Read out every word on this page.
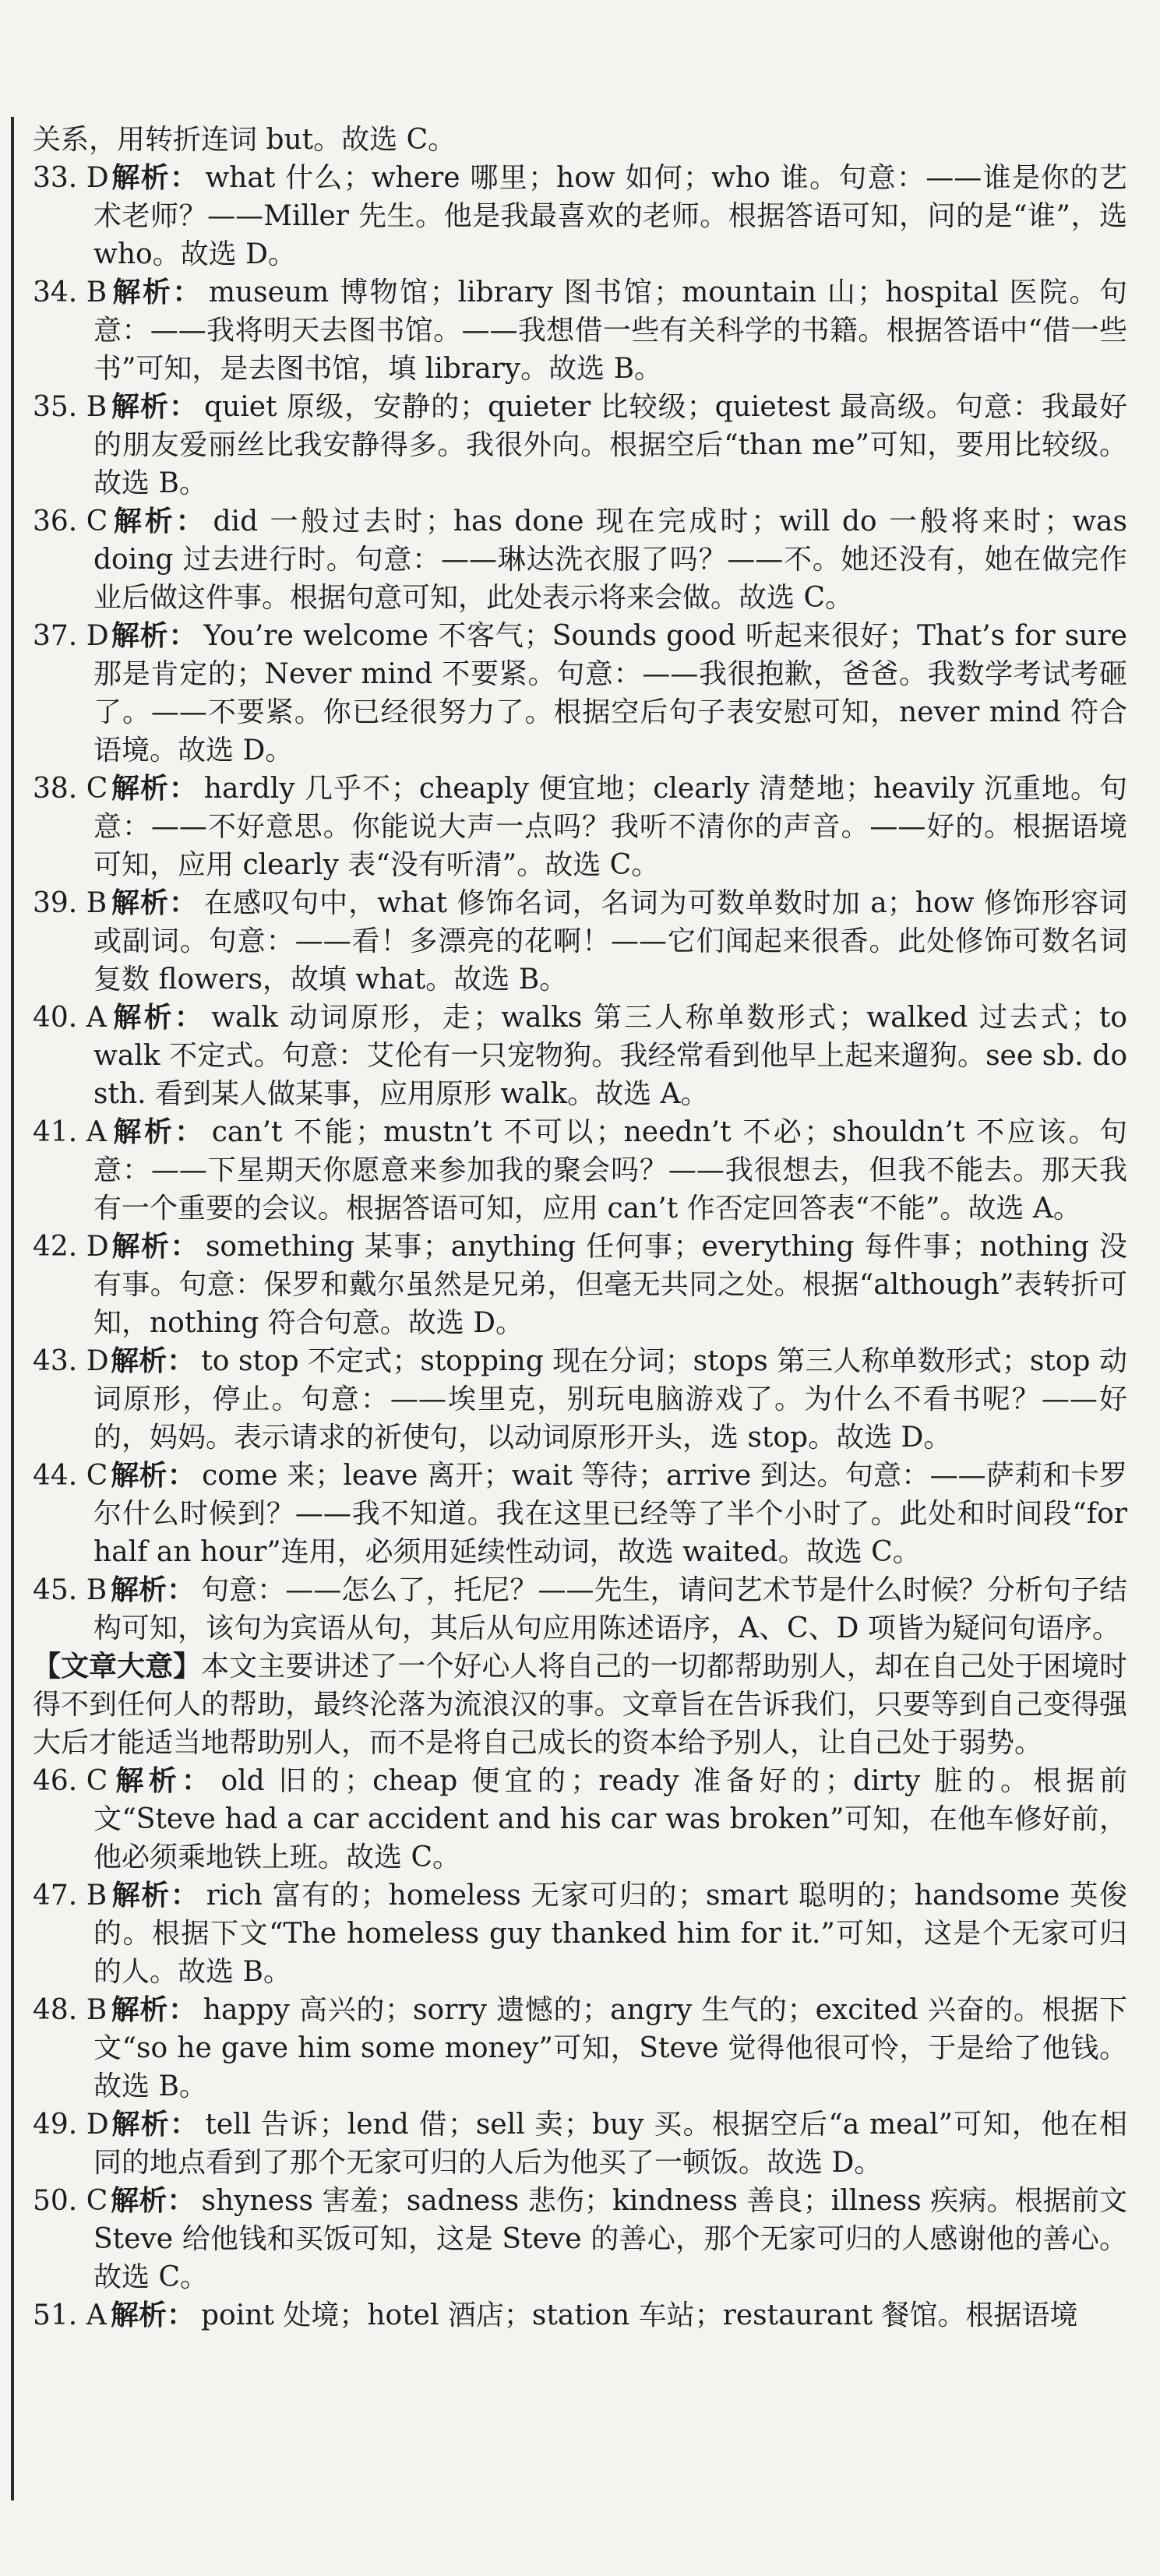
关系，用转折连词 but。故选 C。

33. D解析： what 什么；where 哪里；how 如何；who 谁。句意：——谁是你的艺术老师？——Miller 先生。他是我最喜欢的老师。根据答语可知，问的是“谁”，选 who。故选 D。

34. B 解析： museum 博物馆；library 图书馆；mountain 山；hospital 医院。句意：——我将明天去图书馆。——我想借一些有关科学的书籍。根据答语中“借一些书”可知，是去图书馆，填 library。故选 B。

35. B 解析： quiet 原级，安静的；quieter 比较级；quietest 最高级。句意：我最好的朋友爱丽丝比我安静得多。我很外向。根据空后“than me”可知，要用比较级。故选 B。

36. C 解析： did 一般过去时；has done 现在完成时；will do 一般将来时；was doing 过去进行时。句意：——琳达洗衣服了吗？——不。她还没有，她在做完作业后做这件事。根据句意可知，此处表示将来会做。故选 C。

37. D解析： You’re welcome 不客气；Sounds good 听起来很好；That’s for sure 那是肯定的；Never mind 不要紧。句意：——我很抱歉，爸爸。我数学考试考砸了。——不要紧。你已经很努力了。根据空后句子表安慰可知，never mind 符合语境。故选 D。

38. C 解析： hardly 几乎不；cheaply 便宜地；clearly 清楚地；heavily 沉重地。句意：——不好意思。你能说大声一点吗？我听不清你的声音。——好的。根据语境可知，应用 clearly 表“没有听清”。故选 C。

39. B 解析： 在感叹句中，what 修饰名词，名词为可数单数时加 a；how 修饰形容词或副词。句意：——看！多漂亮的花啊！——它们闻起来很香。此处修饰可数名词复数 flowers，故填 what。故选 B。

40. A 解析： walk 动词原形，走；walks 第三人称单数形式；walked 过去式；to walk 不定式。句意：艾伦有一只宠物狗。我经常看到他早上起来遛狗。see sb. do sth. 看到某人做某事，应用原形 walk。故选 A。

41. A 解析： can’t 不能；mustn’t 不可以；needn’t 不必；shouldn’t 不应该。句意：——下星期天你愿意来参加我的聚会吗？——我很想去，但我不能去。那天我有一个重要的会议。根据答语可知，应用 can’t 作否定回答表“不能”。故选 A。

42. D解析： something 某事；anything 任何事；everything 每件事；nothing 没有事。句意：保罗和戴尔虽然是兄弟，但毫无共同之处。根据“although”表转折可知，nothing 符合句意。故选 D。

43. D解析： to stop 不定式；stopping 现在分词；stops 第三人称单数形式；stop 动词原形，停止。句意：——埃里克，别玩电脑游戏了。为什么不看书呢？——好的，妈妈。表示请求的祈使句，以动词原形开头，选 stop。故选 D。

44. C 解析： come 来；leave 离开；wait 等待；arrive 到达。句意：——萨莉和卡罗尔什么时候到？——我不知道。我在这里已经等了半个小时了。此处和时间段“for half an hour”连用，必须用延续性动词，故选 waited。故选 C。

45. B 解析： 句意：——怎么了，托尼？——先生，请问艺术节是什么时候？分析句子结构可知，该句为宾语从句，其后从句应用陈述语序，A、C、D 项皆为疑问句语序。

【文章大意】本文主要讲述了一个好心人将自己的一切都帮助别人，却在自己处于困境时得不到任何人的帮助，最终沦落为流浪汉的事。文章旨在告诉我们，只要等到自己变得强大后才能适当地帮助别人，而不是将自己成长的资本给予别人，让自己处于弱势。

46. C 解析： old 旧的；cheap 便宜的；ready 准备好的；dirty 脏的。根据前文“Steve had a car accident and his car was broken”可知，在他车修好前，他必须乘地铁上班。故选 C。

47. B 解析： rich 富有的；homeless 无家可归的；smart 聪明的；handsome 英俊的。根据下文“The homeless guy thanked him for it.”可知，这是个无家可归的人。故选 B。

48. B 解析： happy 高兴的；sorry 遗憾的；angry 生气的；excited 兴奋的。根据下文“so he gave him some money”可知，Steve 觉得他很可怜，于是给了他钱。故选 B。

49. D解析： tell 告诉；lend 借；sell 卖；buy 买。根据空后“a meal”可知，他在相同的地点看到了那个无家可归的人后为他买了一顿饭。故选 D。

50. C 解析： shyness 害羞；sadness 悲伤；kindness 善良；illness 疾病。根据前文 Steve 给他钱和买饭可知，这是 Steve 的善心，那个无家可归的人感谢他的善心。故选 C。

51. A 解析： point 处境；hotel 酒店；station 车站；restaurant 餐馆。根据语境
